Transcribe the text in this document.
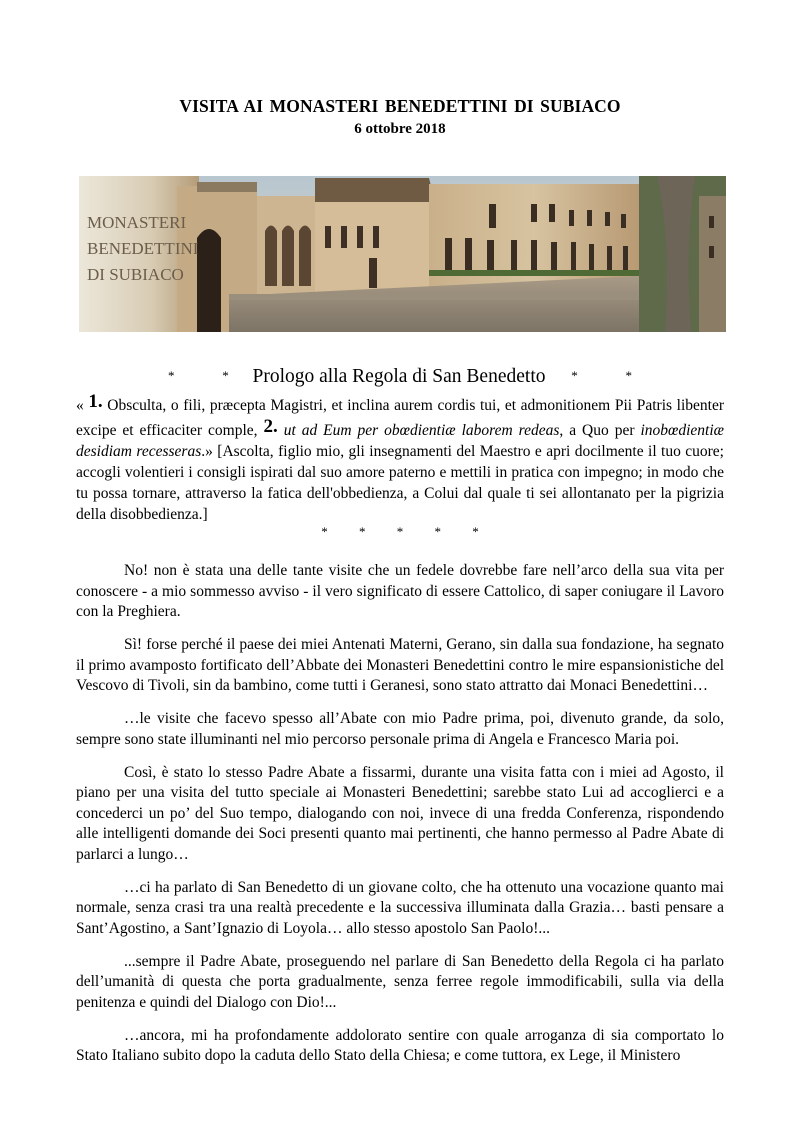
VISITA AI MONASTERI BENEDETTINI DI SUBIACO
6 ottobre 2018
MONASTERI
BENEDETTINI
DI SUBIACO
*	* Prologo alla Regola di San Benedetto *	*
« 1. Obsculta, o fili, præcepta Magistri, et inclina aurem cordis tui, et admonitionem Pii Patris libenter excipe et efficaciter comple, 2. ut ad Eum per obœdientiæ laborem redeas, a Quo per inobœdientiæ desidiam recesseras.» [Ascolta, figlio mio, gli insegnamenti del Maestro e apri docilmente il tuo cuore; accogli volentieri i consigli ispirati dal suo amore paterno e mettili in pratica con impegno; in modo che tu possa tornare, attraverso la fatica dell'obbedienza, a Colui dal quale ti sei allontanato per la pigrizia della disobbedienza.]
* * * * *

No! non è stata una delle tante visite che un fedele dovrebbe fare nell’arco della sua vita per conoscere - a mio sommesso avviso - il vero significato di essere Cattolico, di saper coniugare il Lavoro con la Preghiera.

Sì! forse perché il paese dei miei Antenati Materni, Gerano, sin dalla sua fondazione, ha segnato il primo avamposto fortificato dell’Abbate dei Monasteri Benedettini contro le mire espansionistiche del Vescovo di Tivoli, sin da bambino, come tutti i Geranesi, sono stato attratto dai Monaci Benedettini…

…le visite che facevo spesso all’Abate con mio Padre prima, poi, divenuto grande, da solo, sempre sono state illuminanti nel mio percorso personale prima di Angela e Francesco Maria poi.

Così, è stato lo stesso Padre Abate a fissarmi, durante una visita fatta con i miei ad Agosto, il piano per una visita del tutto speciale ai Monasteri Benedettini; sarebbe stato Lui ad accoglierci e a concederci un po’ del Suo tempo, dialogando con noi, invece di una fredda Conferenza, rispondendo alle intelligenti domande dei Soci presenti quanto mai pertinenti, che hanno permesso al Padre Abate di parlarci a lungo…

…ci ha parlato di San Benedetto di un giovane colto, che ha ottenuto una vocazione quanto mai normale, senza crasi tra una realtà precedente e la successiva illuminata dalla Grazia… basti pensare a Sant’Agostino, a Sant’Ignazio di Loyola… allo stesso apostolo San Paolo!...

...sempre il Padre Abate, proseguendo nel parlare di San Benedetto della Regola ci ha parlato dell’umanità di questa che porta gradualmente, senza ferree regole immodificabili, sulla via della penitenza e quindi del Dialogo con Dio!...

…ancora, mi ha profondamente addolorato sentire con quale arroganza di sia comportato lo Stato Italiano subito dopo la caduta dello Stato della Chiesa; e come tuttora, ex Lege, il Ministero
